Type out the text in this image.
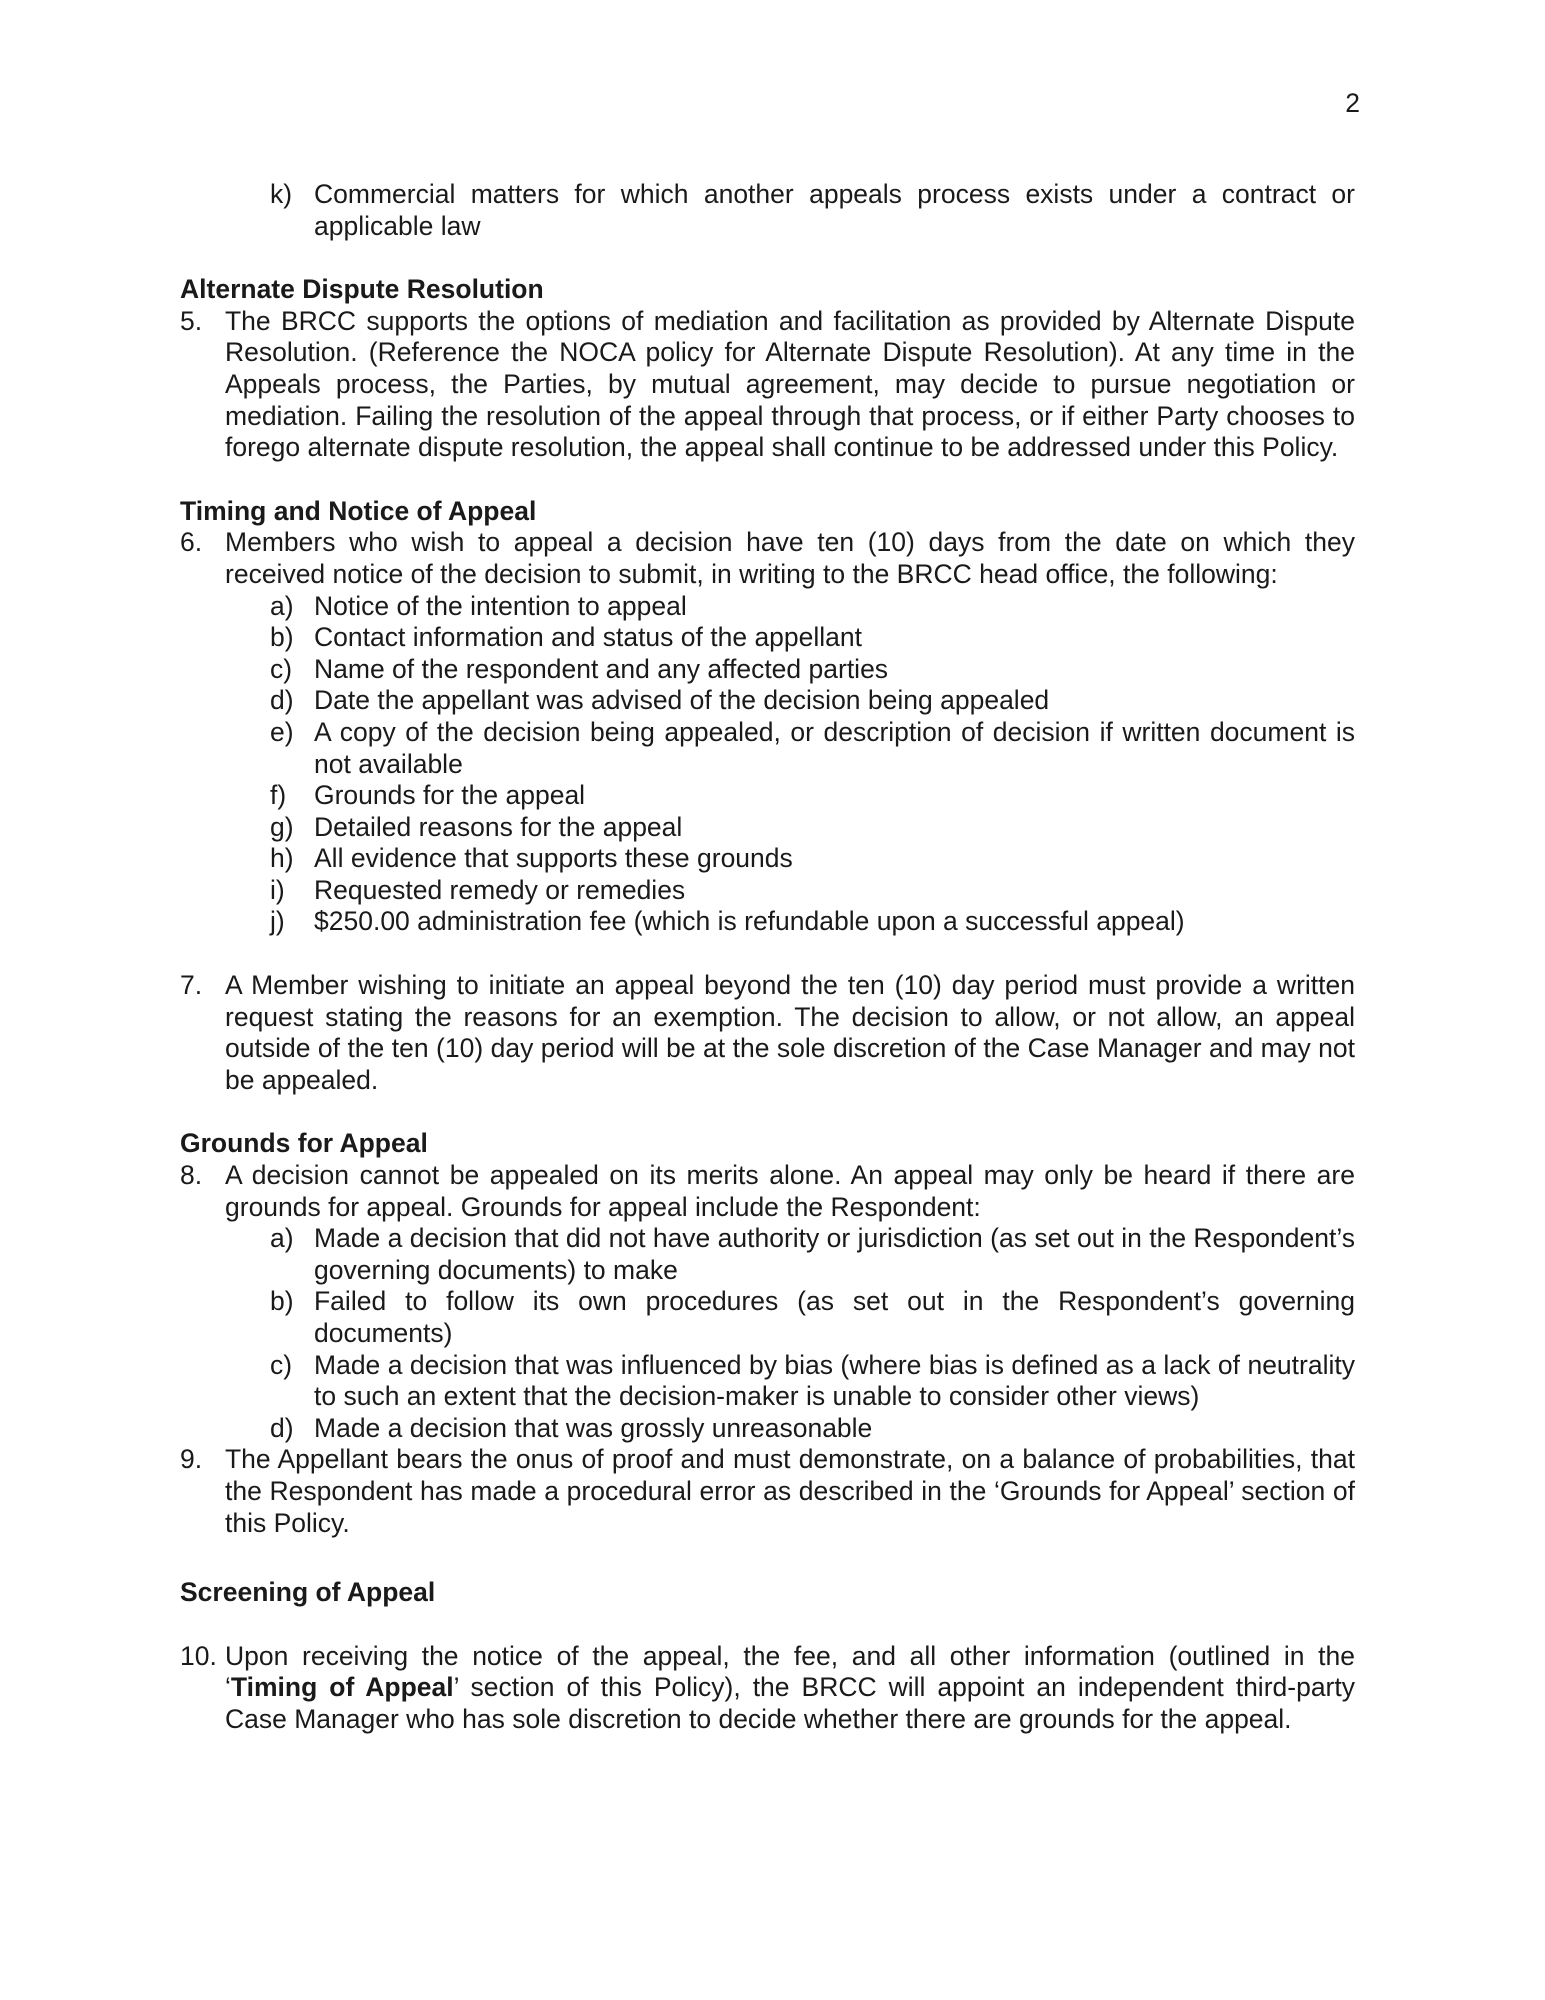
2
k) Commercial matters for which another appeals process exists under a contract or applicable law
Alternate Dispute Resolution
5. The BRCC supports the options of mediation and facilitation as provided by Alternate Dispute Resolution. (Reference the NOCA policy for Alternate Dispute Resolution). At any time in the Appeals process, the Parties, by mutual agreement, may decide to pursue negotiation or mediation. Failing the resolution of the appeal through that process, or if either Party chooses to forego alternate dispute resolution, the appeal shall continue to be addressed under this Policy.
Timing and Notice of Appeal
6. Members who wish to appeal a decision have ten (10) days from the date on which they received notice of the decision to submit, in writing to the BRCC head office, the following:
a) Notice of the intention to appeal
b) Contact information and status of the appellant
c) Name of the respondent and any affected parties
d) Date the appellant was advised of the decision being appealed
e) A copy of the decision being appealed, or description of decision if written document is not available
f) Grounds for the appeal
g) Detailed reasons for the appeal
h) All evidence that supports these grounds
i) Requested remedy or remedies
j) $250.00 administration fee (which is refundable upon a successful appeal)
7. A Member wishing to initiate an appeal beyond the ten (10) day period must provide a written request stating the reasons for an exemption. The decision to allow, or not allow, an appeal outside of the ten (10) day period will be at the sole discretion of the Case Manager and may not be appealed.
Grounds for Appeal
8. A decision cannot be appealed on its merits alone. An appeal may only be heard if there are grounds for appeal. Grounds for appeal include the Respondent:
a) Made a decision that did not have authority or jurisdiction (as set out in the Respondent’s governing documents) to make
b) Failed to follow its own procedures (as set out in the Respondent’s governing documents)
c) Made a decision that was influenced by bias (where bias is defined as a lack of neutrality to such an extent that the decision-maker is unable to consider other views)
d) Made a decision that was grossly unreasonable
9. The Appellant bears the onus of proof and must demonstrate, on a balance of probabilities, that the Respondent has made a procedural error as described in the ‘Grounds for Appeal’ section of this Policy.
Screening of Appeal
10. Upon receiving the notice of the appeal, the fee, and all other information (outlined in the ‘Timing of Appeal’ section of this Policy), the BRCC will appoint an independent third-party Case Manager who has sole discretion to decide whether there are grounds for the appeal.
